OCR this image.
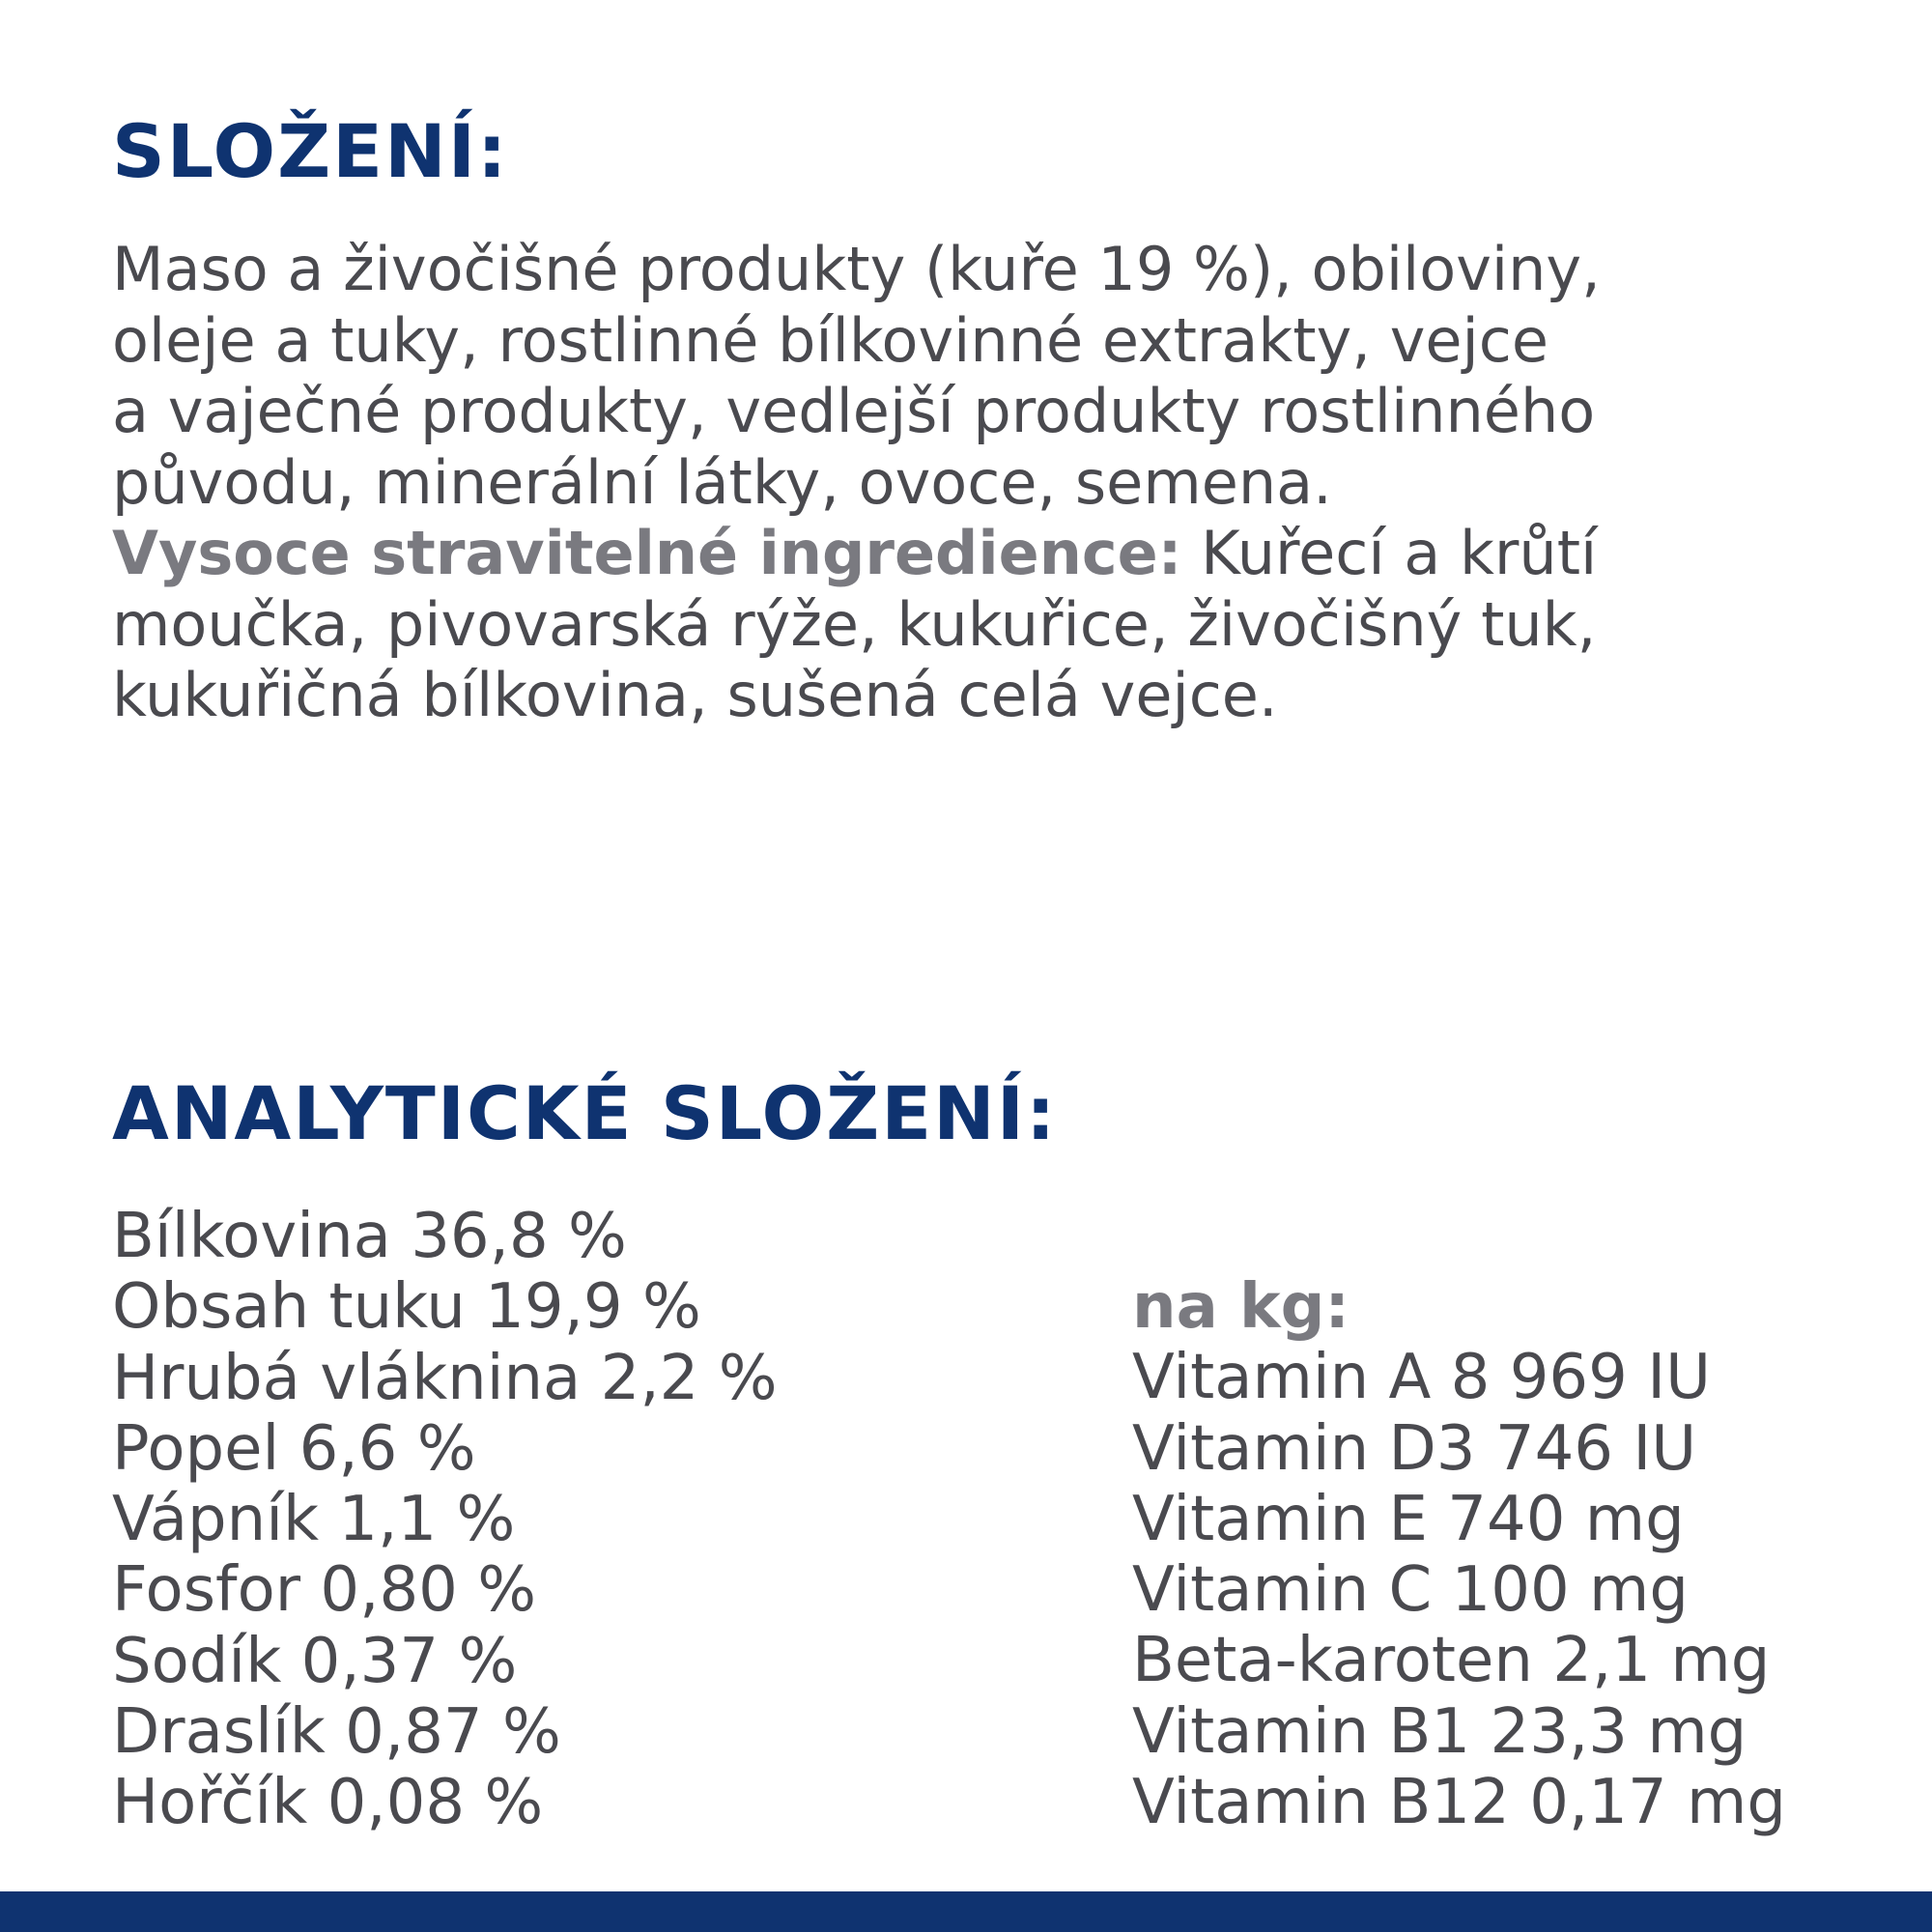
SLOŽENÍ:
Maso a živočišné produkty (kuře 19 %), obiloviny,
oleje a tuky, rostlinné bílkovinné extrakty, vejce
a vaječné produkty, vedlejší produkty rostlinného
původu, minerální látky, ovoce, semena.
Vysoce stravitelné ingredience: Kuřecí a krůtí
moučka, pivovarská rýže, kukuřice, živočišný tuk,
kukuřičná bílkovina, sušená celá vejce.
ANALYTICKÉ SLOŽENÍ:
Bílkovina 36,8 %
Obsah tuku 19,9 %
Hrubá vláknina 2,2 %
Popel 6,6 %
Vápník 1,1 %
Fosfor 0,80 %
Sodík 0,37 %
Draslík 0,87 %
Hořčík 0,08 %
na kg:
Vitamin A 8 969 IU
Vitamin D3 746 IU
Vitamin E 740 mg
Vitamin C 100 mg
Beta-karoten 2,1 mg
Vitamin B1 23,3 mg
Vitamin B12 0,17 mg
